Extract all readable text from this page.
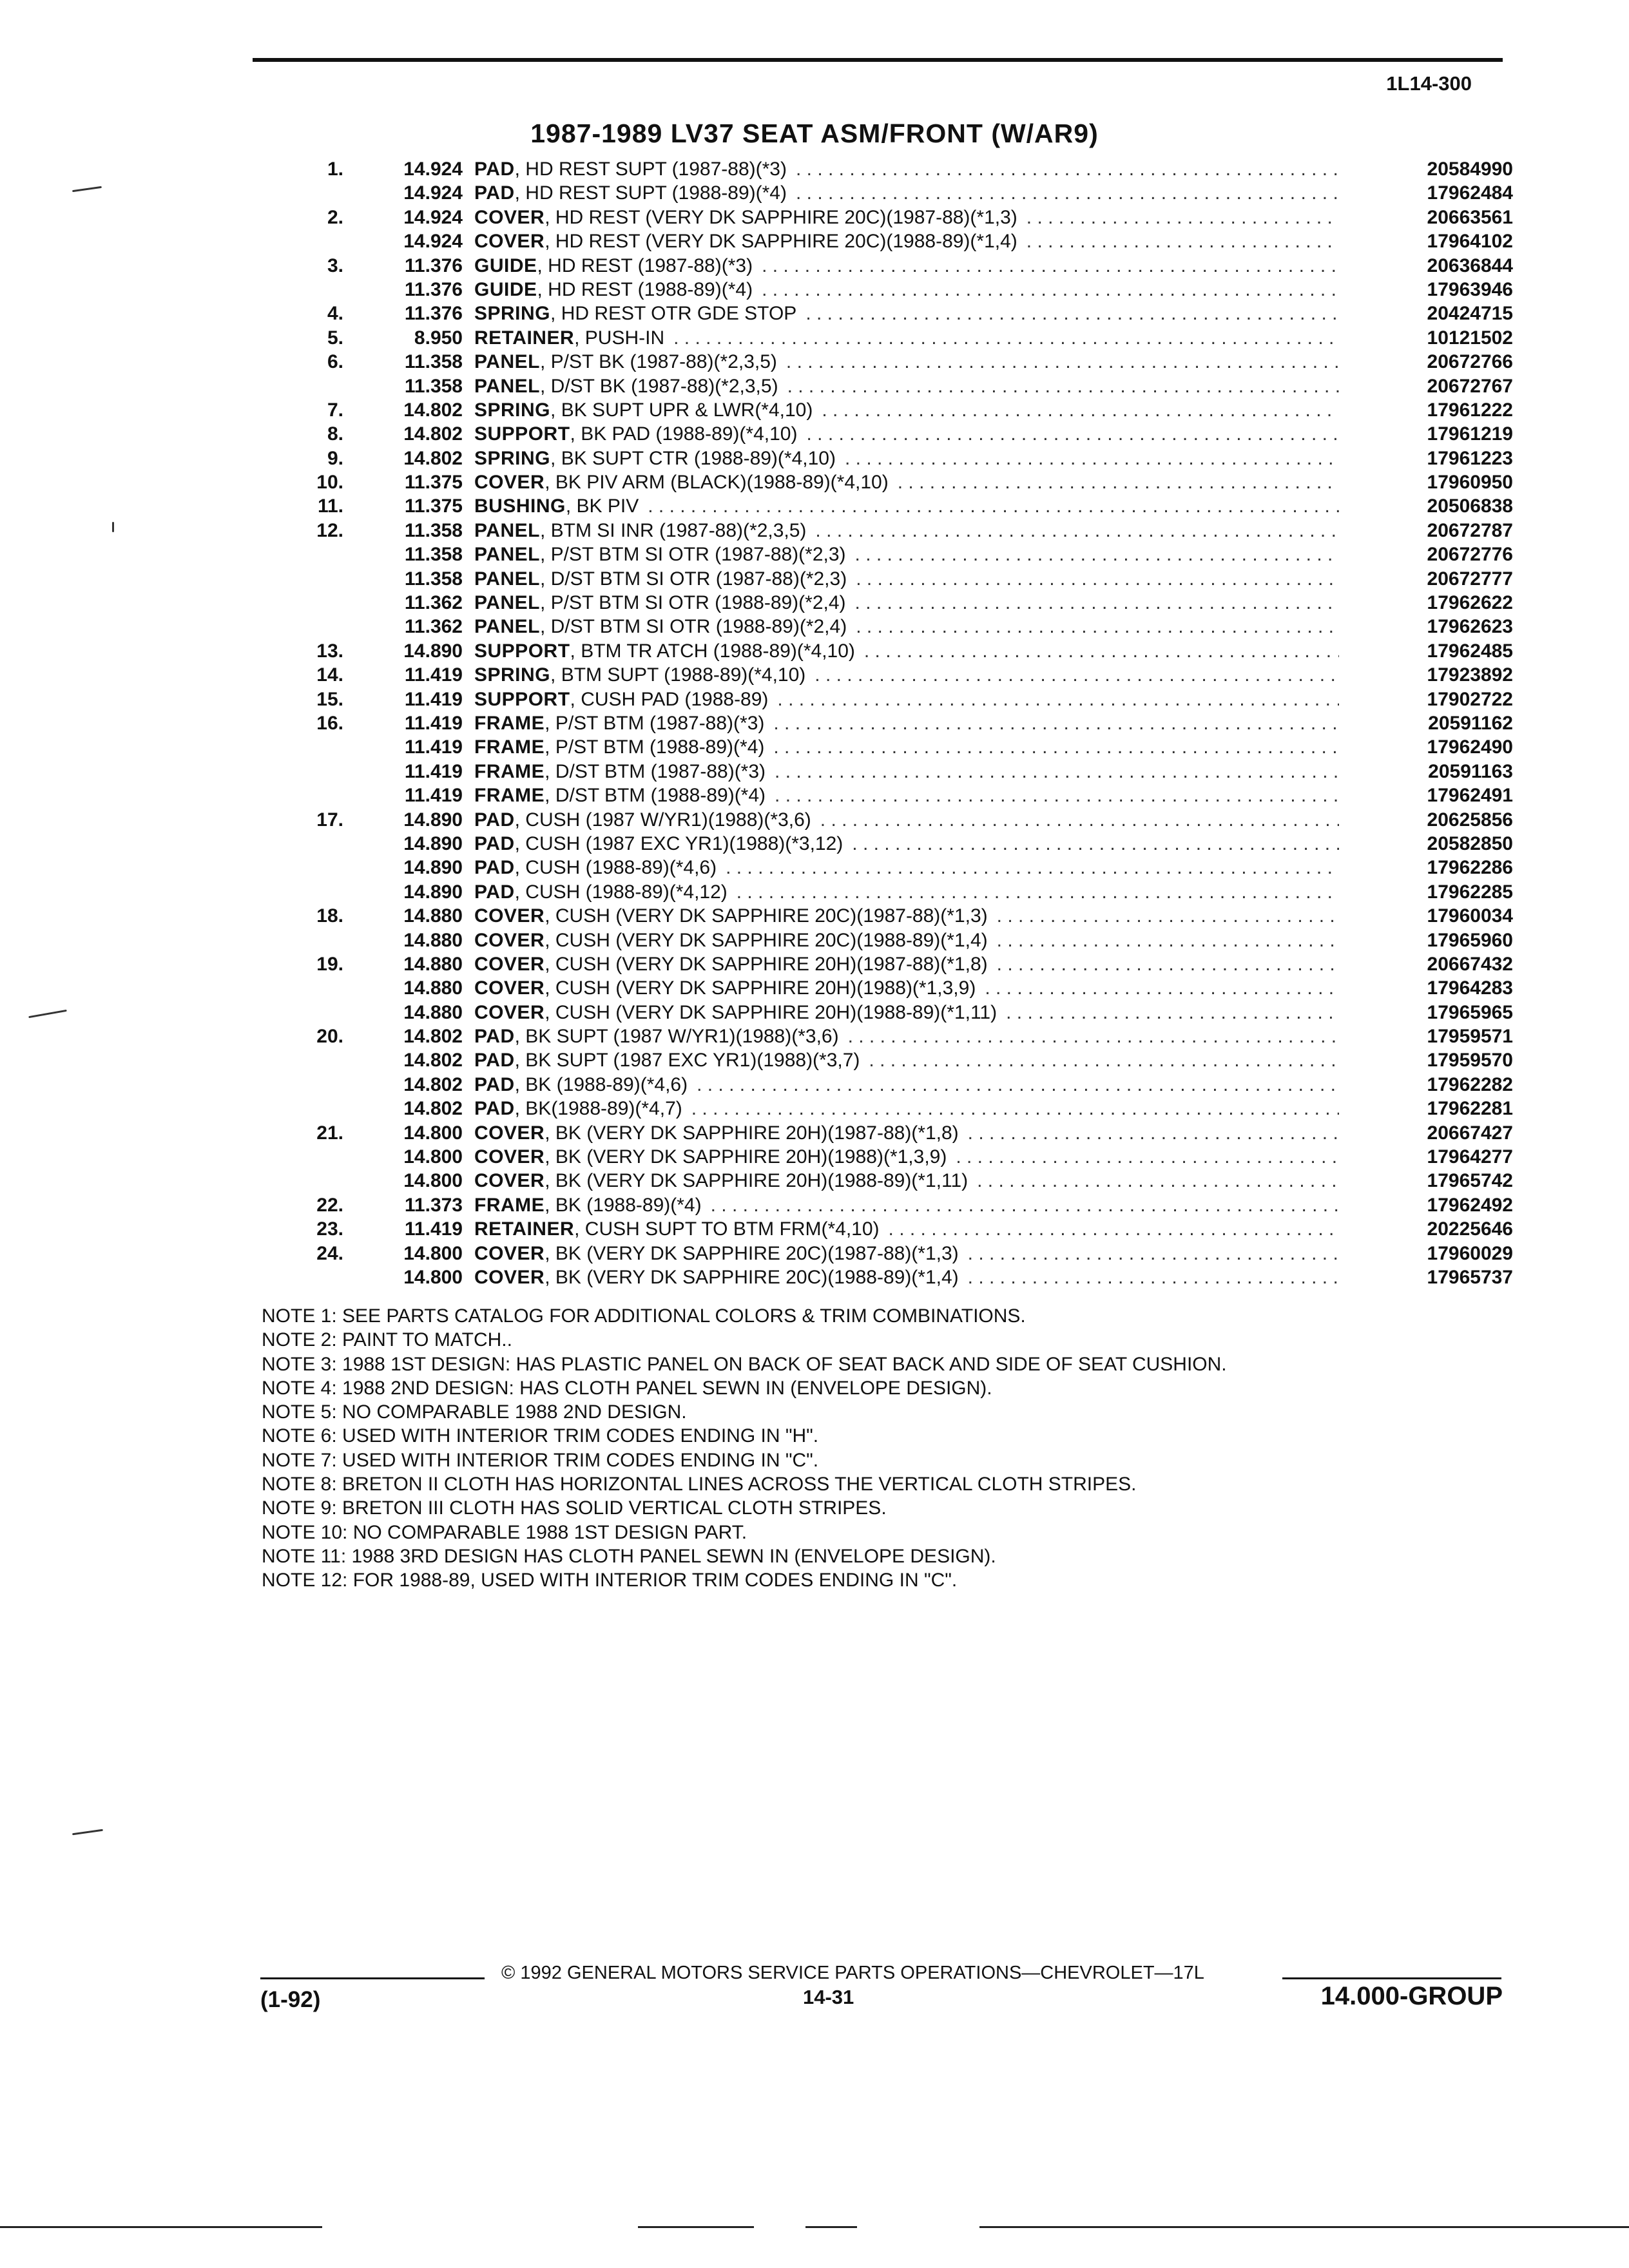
1L14-300
1987-1989 LV37 SEAT ASM/FRONT (W/AR9)
1.	14.924 PAD, HD REST SUPT (1987-88)(*3) . . .	20584990
14.924 PAD, HD REST SUPT (1988-89)(*4) . . .	17962484
2.	14.924 COVER, HD REST (VERY DK SAPPHIRE 20C)(1987-88)(*1,3) . . .	20663561
14.924 COVER, HD REST (VERY DK SAPPHIRE 20C)(1988-89)(*1,4) . . .	17964102
3.	11.376 GUIDE, HD REST (1987-88)(*3) . . .	20636844
11.376 GUIDE, HD REST (1988-89)(*4) . . .	17963946
4.	11.376 SPRING, HD REST OTR GDE STOP . . .	20424715
5.	8.950 RETAINER, PUSH-IN . . .	10121502
6.	11.358 PANEL, P/ST BK (1987-88)(*2,3,5) . . .	20672766
11.358 PANEL, D/ST BK (1987-88)(*2,3,5) . . .	20672767
7.	14.802 SPRING, BK SUPT UPR & LWR(*4,10) . . .	17961222
8.	14.802 SUPPORT, BK PAD (1988-89)(*4,10) . . .	17961219
9.	14.802 SPRING, BK SUPT CTR (1988-89)(*4,10) . . .	17961223
10.	11.375 COVER, BK PIV ARM (BLACK)(1988-89)(*4,10) . . .	17960950
11.	11.375 BUSHING, BK PIV . . .	20506838
12.	11.358 PANEL, BTM SI INR (1987-88)(*2,3,5) . . .	20672787
11.358 PANEL, P/ST BTM SI OTR (1987-88)(*2,3) . . .	20672776
11.358 PANEL, D/ST BTM SI OTR (1987-88)(*2,3) . . .	20672777
11.362 PANEL, P/ST BTM SI OTR (1988-89)(*2,4) . . .	17962622
11.362 PANEL, D/ST BTM SI OTR (1988-89)(*2,4) . . .	17962623
13.	14.890 SUPPORT, BTM TR ATCH (1988-89)(*4,10) . . .	17962485
14.	11.419 SPRING, BTM SUPT (1988-89)(*4,10) . . .	17923892
15.	11.419 SUPPORT, CUSH PAD (1988-89) . . .	17902722
16.	11.419 FRAME, P/ST BTM (1987-88)(*3) . . .	20591162
11.419 FRAME, P/ST BTM (1988-89)(*4) . . .	17962490
11.419 FRAME, D/ST BTM (1987-88)(*3) . . .	20591163
11.419 FRAME, D/ST BTM (1988-89)(*4) . . .	17962491
17.	14.890 PAD, CUSH (1987 W/YR1)(1988)(*3,6) . . .	20625856
14.890 PAD, CUSH (1987 EXC YR1)(1988)(*3,12) . . .	20582850
14.890 PAD, CUSH (1988-89)(*4,6) . . .	17962286
14.890 PAD, CUSH (1988-89)(*4,12) . . .	17962285
18.	14.880 COVER, CUSH (VERY DK SAPPHIRE 20C)(1987-88)(*1,3) . . .	17960034
14.880 COVER, CUSH (VERY DK SAPPHIRE 20C)(1988-89)(*1,4) . . .	17965960
19.	14.880 COVER, CUSH (VERY DK SAPPHIRE 20H)(1987-88)(*1,8) . . .	20667432
14.880 COVER, CUSH (VERY DK SAPPHIRE 20H)(1988)(*1,3,9) . . .	17964283
14.880 COVER, CUSH (VERY DK SAPPHIRE 20H)(1988-89)(*1,11) . . .	17965965
20.	14.802 PAD, BK SUPT (1987 W/YR1)(1988)(*3,6) . . .	17959571
14.802 PAD, BK SUPT (1987 EXC YR1)(1988)(*3,7) . . .	17959570
14.802 PAD, BK (1988-89)(*4,6) . . .	17962282
14.802 PAD, BK(1988-89)(*4,7) . . .	17962281
21.	14.800 COVER, BK (VERY DK SAPPHIRE 20H)(1987-88)(*1,8) . . .	20667427
14.800 COVER, BK (VERY DK SAPPHIRE 20H)(1988)(*1,3,9) . . .	17964277
14.800 COVER, BK (VERY DK SAPPHIRE 20H)(1988-89)(*1,11) . . .	17965742
22.	11.373 FRAME, BK (1988-89)(*4) . . .	17962492
23.	11.419 RETAINER, CUSH SUPT TO BTM FRM(*4,10) . . .	20225646
24.	14.800 COVER, BK (VERY DK SAPPHIRE 20C)(1987-88)(*1,3) . . .	17960029
14.800 COVER, BK (VERY DK SAPPHIRE 20C)(1988-89)(*1,4) . . .	17965737
NOTE 1: SEE PARTS CATALOG FOR ADDITIONAL COLORS & TRIM COMBINATIONS.
NOTE 2: PAINT TO MATCH..
NOTE 3: 1988 1ST DESIGN: HAS PLASTIC PANEL ON BACK OF SEAT BACK AND SIDE OF SEAT CUSHION.
NOTE 4: 1988 2ND DESIGN: HAS CLOTH PANEL SEWN IN (ENVELOPE DESIGN).
NOTE 5: NO COMPARABLE 1988 2ND DESIGN.
NOTE 6: USED WITH INTERIOR TRIM CODES ENDING IN "H".
NOTE 7: USED WITH INTERIOR TRIM CODES ENDING IN "C".
NOTE 8: BRETON II CLOTH HAS HORIZONTAL LINES ACROSS THE VERTICAL CLOTH STRIPES.
NOTE 9: BRETON III CLOTH HAS SOLID VERTICAL CLOTH STRIPES.
NOTE 10: NO COMPARABLE 1988 1ST DESIGN PART.
NOTE 11: 1988 3RD DESIGN HAS CLOTH PANEL SEWN IN (ENVELOPE DESIGN).
NOTE 12: FOR 1988-89, USED WITH INTERIOR TRIM CODES ENDING IN "C".
© 1992 GENERAL MOTORS SERVICE PARTS OPERATIONS—CHEVROLET—17L
(1-92)	14-31	14.000-GROUP
